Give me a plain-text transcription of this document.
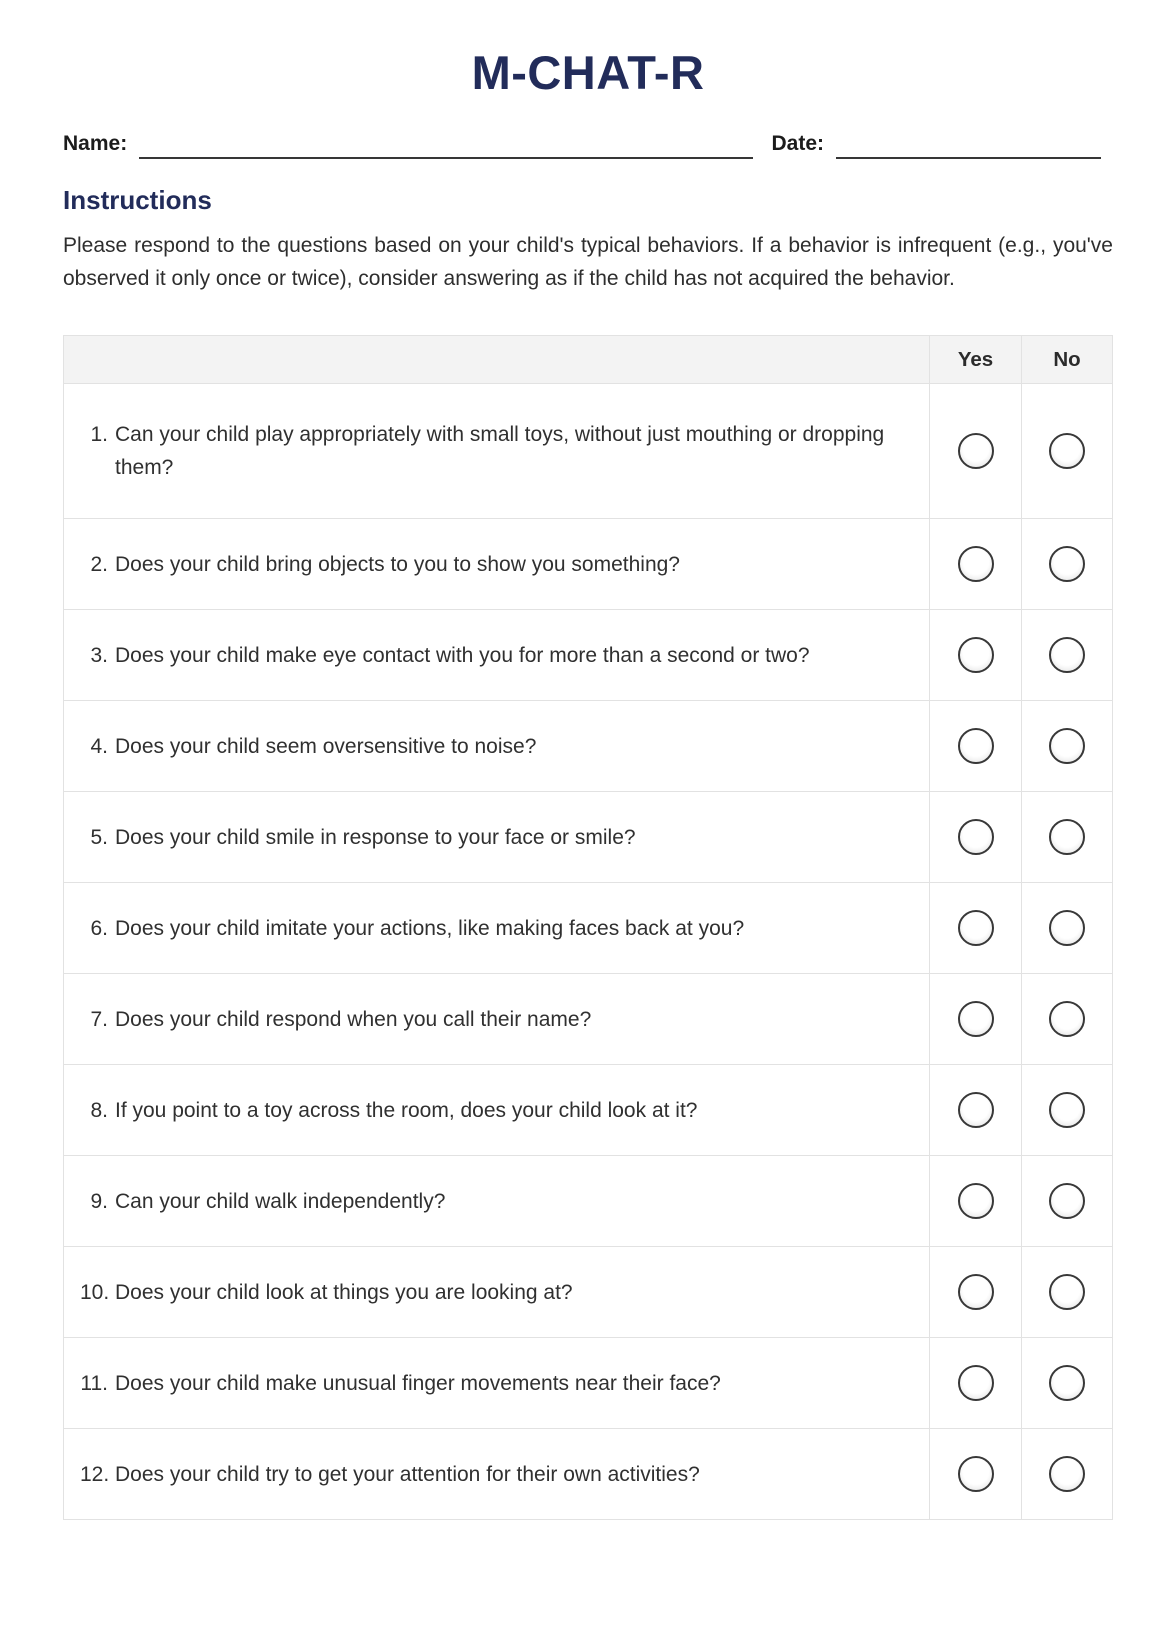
M-CHAT-R
Name:	Date:
Instructions

Please respond to the questions based on your child's typical behaviors. If a behavior is infrequent (e.g., you've observed it only once or twice), consider answering as if the child has not acquired the behavior.

Yes	No
1. Can your child play appropriately with small toys, without just mouthing or dropping them?
2. Does your child bring objects to you to show you something?
3. Does your child make eye contact with you for more than a second or two?
4. Does your child seem oversensitive to noise?
5. Does your child smile in response to your face or smile?
6. Does your child imitate your actions, like making faces back at you?
7. Does your child respond when you call their name?
8. If you point to a toy across the room, does your child look at it?
9. Can your child walk independently?
10. Does your child look at things you are looking at?
11. Does your child make unusual finger movements near their face?
12. Does your child try to get your attention for their own activities?
